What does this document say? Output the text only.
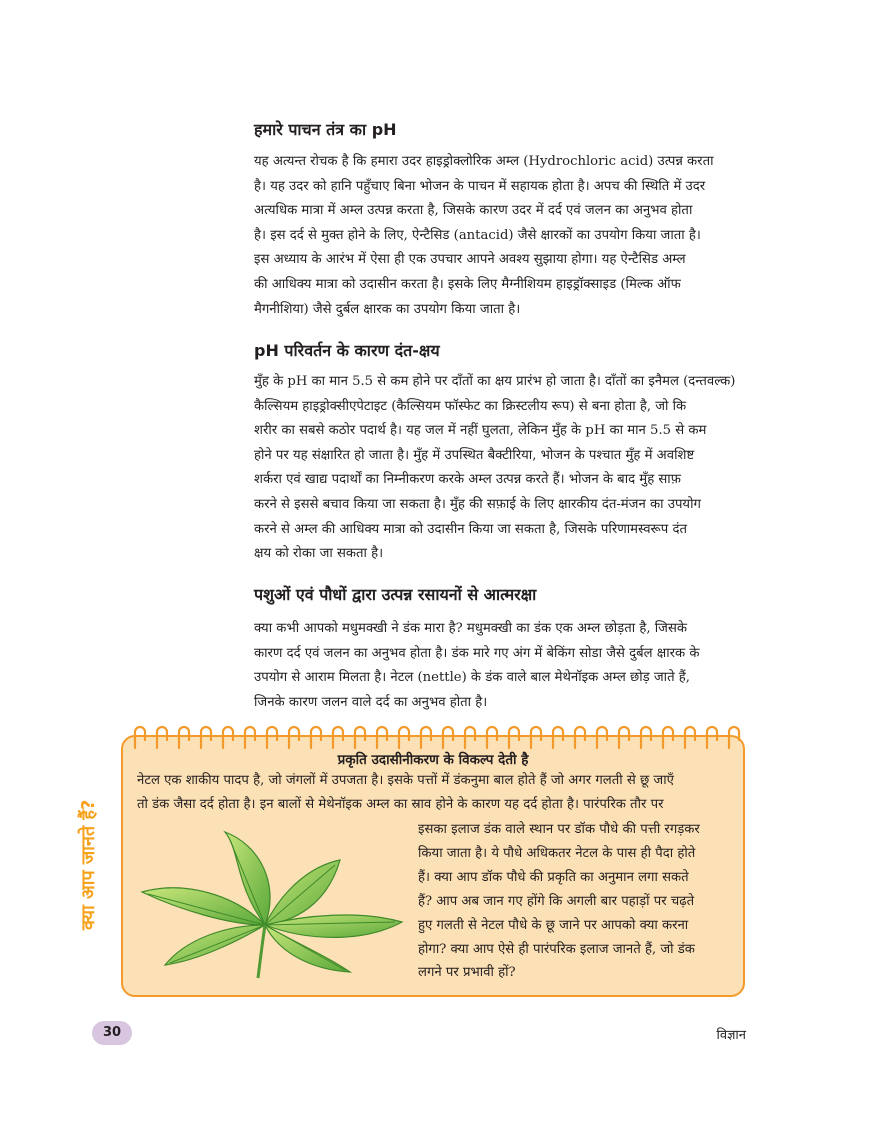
हमारे पाचन तंत्र का pH
यह अत्यन्त रोचक है कि हमारा उदर हाइड्रोक्लोरिक अम्ल (Hydrochloric acid) उत्पन्न करता
है। यह उदर को हानि पहुँचाए बिना भोजन के पाचन में सहायक होता है। अपच की स्थिति में उदर
अत्यधिक मात्रा में अम्ल उत्पन्न करता है, जिसके कारण उदर में दर्द एवं जलन का अनुभव होता
है। इस दर्द से मुक्त होने के लिए, ऐन्टैसिड (antacid) जैसे क्षारकों का उपयोग किया जाता है।
इस अध्याय के आरंभ में ऐसा ही एक उपचार आपने अवश्य सुझाया होगा। यह ऐन्टैसिड अम्ल
की आधिक्य मात्रा को उदासीन करता है। इसके लिए मैग्नीशियम हाइड्रॉक्साइड (मिल्क ऑफ
मैगनीशिया) जैसे दुर्बल क्षारक का उपयोग किया जाता है।
pH परिवर्तन के कारण दंत-क्षय
मुँह के pH का मान 5.5 से कम होने पर दाँतों का क्षय प्रारंभ हो जाता है। दाँतों का इनैमल (दन्तवल्क)
कैल्सियम हाइड्रोक्सीएपेटाइट (कैल्सियम फॉस्फेट का क्रिस्टलीय रूप) से बना होता है, जो कि
शरीर का सबसे कठोर पदार्थ है। यह जल में नहीं घुलता, लेकिन मुँह के pH का मान 5.5 से कम
होने पर यह संक्षारित हो जाता है। मुँह में उपस्थित बैक्टीरिया, भोजन के पश्चात मुँह में अवशिष्ट
शर्करा एवं खाद्य पदार्थों का निम्नीकरण करके अम्ल उत्पन्न करते हैं। भोजन के बाद मुँह साफ़
करने से इससे बचाव किया जा सकता है। मुँह की सफ़ाई के लिए क्षारकीय दंत-मंजन का उपयोग
करने से अम्ल की आधिक्य मात्रा को उदासीन किया जा सकता है, जिसके परिणामस्वरूप दंत
क्षय को रोका जा सकता है।
पशुओं एवं पौधों द्वारा उत्पन्न रसायनों से आत्मरक्षा
क्या कभी आपको मधुमक्खी ने डंक मारा है? मधुमक्खी का डंक एक अम्ल छोड़ता है, जिसके
कारण दर्द एवं जलन का अनुभव होता है। डंक मारे गए अंग में बेकिंग सोडा जैसे दुर्बल क्षारक के
उपयोग से आराम मिलता है। नेटल (nettle) के डंक वाले बाल मेथेनॉइक अम्ल छोड़ जाते हैं,
जिनके कारण जलन वाले दर्द का अनुभव होता है।
क्या आप जानते हैं?
प्रकृति उदासीनीकरण के विकल्प देती है
नेटल एक शाकीय पादप है, जो जंगलों में उपजता है। इसके पत्तों में डंकनुमा बाल होते हैं जो अगर गलती से छू जाएँ
तो डंक जैसा दर्द होता है। इन बालों से मेथेनॉइक अम्ल का स्राव होने के कारण यह दर्द होता है। पारंपरिक तौर पर
इसका इलाज डंक वाले स्थान पर डॉक पौधे की पत्ती रगड़कर
किया जाता है। ये पौधे अधिकतर नेटल के पास ही पैदा होते
हैं। क्या आप डॉक पौधे की प्रकृति का अनुमान लगा सकते
हैं? आप अब जान गए होंगे कि अगली बार पहाड़ों पर चढ़ते
हुए गलती से नेटल पौधे के छू जाने पर आपको क्या करना
होगा? क्या आप ऐसे ही पारंपरिक इलाज जानते हैं, जो डंक
लगने पर प्रभावी हों?
30	विज्ञान
